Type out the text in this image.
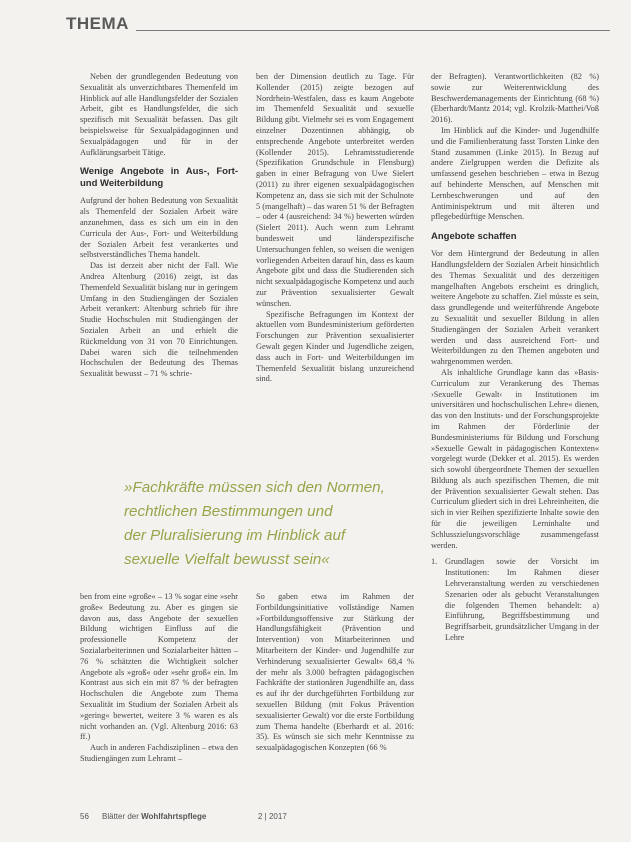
THEMA

Neben der grundlegenden Bedeutung von Sexualität als unverzichtbares Themenfeld im Hinblick auf alle Handlungsfelder der Sozialen Arbeit, gibt es Handlungsfelder, die sich spezifisch mit Sexualität befassen. Das gilt beispielsweise für Sexualpädagoginnen und Sexualpädagogen und für in der Aufklärungsarbeit Tätige.

Wenige Angebote in Aus-, Fort- und Weiterbildung

Aufgrund der hohen Bedeutung von Sexualität als Themenfeld der Sozialen Arbeit wäre anzunehmen, dass es sich um ein in den Curricula der Aus-, Fort- und Weiterbildung der Sozialen Arbeit fest verankertes und selbstverständliches Thema handelt.

Das ist derzeit aber nicht der Fall. Wie Andrea Altenburg (2016) zeigt, ist das Themenfeld Sexualität bislang nur in geringem Umfang in den Studiengängen der Sozialen Arbeit verankert: Altenburg schrieb für ihre Studie Hochschulen mit Studiengängen der Sozialen Arbeit an und erhielt die Rückmeldung von 31 von 70 Einrichtungen. Dabei waren sich die teilnehmenden Hochschulen der Bedeutung des Themas Sexualität bewusst – 71 % schrie-

ben der Dimension deutlich zu Tage. Für Kollender (2015) zeigte bezogen auf Nordrhein-Westfalen, dass es kaum Angebote im Themenfeld Sexualität und sexuelle Bildung gibt. Vielmehr sei es vom Engagement einzelner Dozentinnen abhängig, ob entsprechende Angebote unterbreitet werden (Kollender 2015). Lehramtsstudierende (Spezifikation Grundschule in Flensburg) gaben in einer Befragung von Uwe Sielert (2011) zu ihrer eigenen sexualpädagogischen Kompetenz an, dass sie sich mit der Schulnote 5 (mangelhaft) – das waren 51 % der Befragten – oder 4 (ausreichend: 34 %) bewerten würden (Sielert 2011). Auch wenn zum Lehramt bundesweit und länderspezifische Untersuchungen fehlen, so weisen die wenigen vorliegenden Arbeiten darauf hin, dass es kaum Angebote gibt und dass die Studierenden sich nicht sexualpädagogische Kompetenz und auch zur Prävention sexualisierter Gewalt wünschen.

Spezifische Befragungen im Kontext der aktuellen vom Bundesministerium geförderten Forschungen zur Prävention sexualisierter Gewalt gegen Kinder und Jugendliche zeigen, dass auch in Fort- und Weiterbildungen im Themenfeld Sexualität bislang unzureichend sind.

der Befragten). Verantwortlichkeiten (82 %) sowie zur Weiterentwicklung des Beschwerdemanagements der Einrichtung (68 %) (Eberhardt/Mantz 2014; vgl. Krolzik-Matthei/Voß 2016).

Im Hinblick auf die Kinder- und Jugendhilfe und die Familienberatung fasst Torsten Linke den Stand zusammen (Linke 2015). In Bezug auf andere Zielgruppen werden die Defizite als umfassend gesehen beschrieben – etwa in Bezug auf behinderte Menschen, auf Menschen mit Lernbeschwerungen und auf den Antiminispektrum und mit älteren und pflegebedürftige Menschen.

Angebote schaffen

Vor dem Hintergrund der Bedeutung in allen Handlungsfeldern der Sozialen Arbeit hinsichtlich des Themas Sexualität und des derzeitigen mangelhaften Angebots erscheint es dringlich, weitere Angebote zu schaffen. Ziel müsste es sein, dass grundlegende und weiterführende Angebote zu Sexualität und sexueller Bildung in allen Studiengängen der Sozialen Arbeit verankert werden und dass ausreichend Fort- und Weiterbildungen zu den Themen angeboten und wahrgenommen werden.

Als inhaltliche Grundlage kann das »Basis-Curriculum zur Verankerung des Themas ›Sexuelle Gewalt‹ in Institutionen im universitären und hochschulischen Lehre« dienen, das von den Instituts- und der Forschungsprojekte im Rahmen der Förderlinie der Bundesministeriums für Bildung und Forschung »Sexuelle Gewalt in pädagogischen Kontexten« vorgelegt wurde (Dekker et al. 2015). Es werden sich sowohl übergeordnete Themen der sexuellen Bildung als auch spezifischen Themen, die mit der Prävention sexualisierter Gewalt stehen. Das Curriculum gliedert sich in drei Lehreinheiten, die sich in vier Reihen spezifizierte Inhalte sowie den für die jeweiligen Lerninhalte und Schlusszielungsvorschläge zusammengefasst werden.

1. Grundlagen sowie der Vorsicht im Institutionen: Im Rahmen dieser Lehrveranstaltung werden zu verschiedenen Szenarien oder als gebucht Veranstaltungen die folgenden Themen behandelt: a) Einführung, Begriffsbestimmung und Begriffsarbeit, grundsätzlicher Umgang in der Lehre
»Fachkräfte müssen sich den Normen,
rechtlichen Bestimmungen und
der Pluralisierung im Hinblick auf
sexuelle Vielfalt bewusst sein«

ben from eine »große« – 13 % sogar eine »sehr große« Bedeutung zu. Aber es gingen sie davon aus, dass Angebote der sexuellen Bildung wichtigen Einfluss auf die professionelle Kompetenz der Sozialarbeiterinnen und Sozialarbeiter hätten – 76 % schätzten die Wichtigkeit solcher Angebote als »groß« oder »sehr groß« ein. Im Kontrast aus sich ein mit 87 % der befragten Hochschulen die Angebote zum Thema Sexualität im Studium der Sozialen Arbeit als »gering« bewertet, weitere 3 % waren es als nicht vorhanden an. (Vgl. Altenburg 2016: 63 ff.)

Auch in anderen Fachdisziplinen – etwa den Studiengängen zum Lehramt –

So gaben etwa im Rahmen der Fortbildungsinitiative vollständige Namen »Fortbildungsoffensive zur Stärkung der Handlungsfähigkeit (Prävention und Intervention) von Mitarbeiterinnen und Mitarbeitern der Kinder- und Jugendhilfe zur Verhinderung sexualisierter Gewalt« 68,4 % der mehr als 3.000 befragten pädagogischen Fachkräfte der stationären Jugendhilfe an, dass es auf ihr der durchgeführten Fortbildung zur sexuellen Bildung (mit Fokus Prävention sexualisierter Gewalt) vor die erste Fortbildung zum Thema handelte (Eberhardt et al. 2016: 35). Es wünsch sie sich mehr Kenntnisse zu sexualpädagogischen Konzepten (66 %

56 Blätter der Wohlfahrtspflege	2 | 2017
